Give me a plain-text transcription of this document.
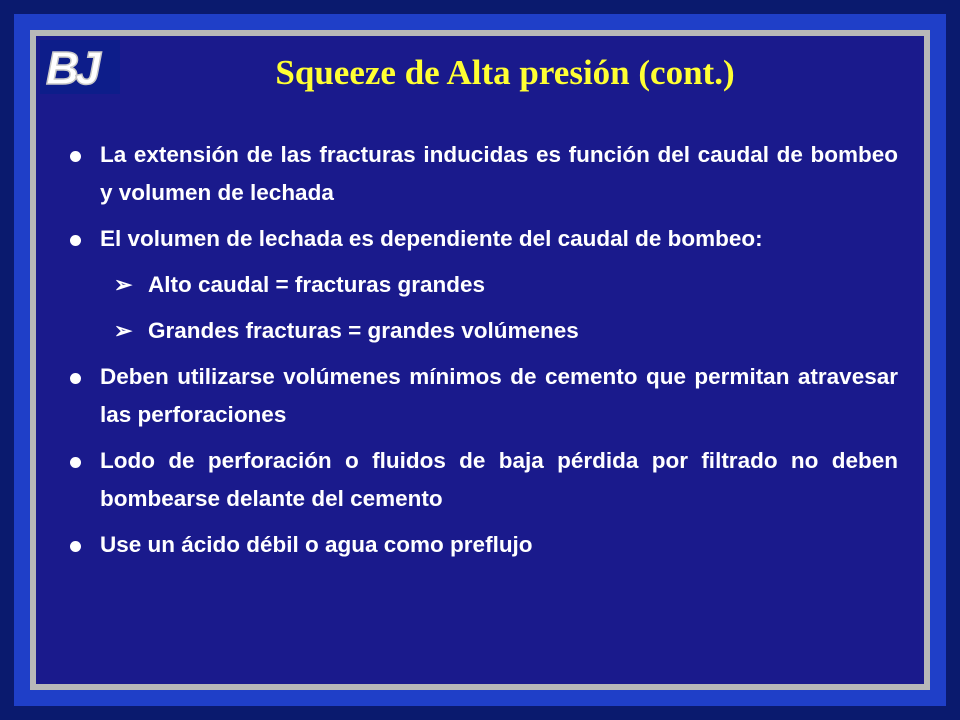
BJ	Squeeze de Alta presión (cont.)
La extensión de las fracturas inducidas es función del caudal de bombeo y volumen de lechada
El volumen de lechada es dependiente del caudal de bombeo:
➢ Alto caudal = fracturas grandes
➢ Grandes fracturas = grandes volúmenes
Deben utilizarse volúmenes mínimos de cemento que permitan atravesar las perforaciones
Lodo de perforación o fluidos de baja pérdida por filtrado no deben bombearse delante del cemento
Use un ácido débil o agua como preflujo
